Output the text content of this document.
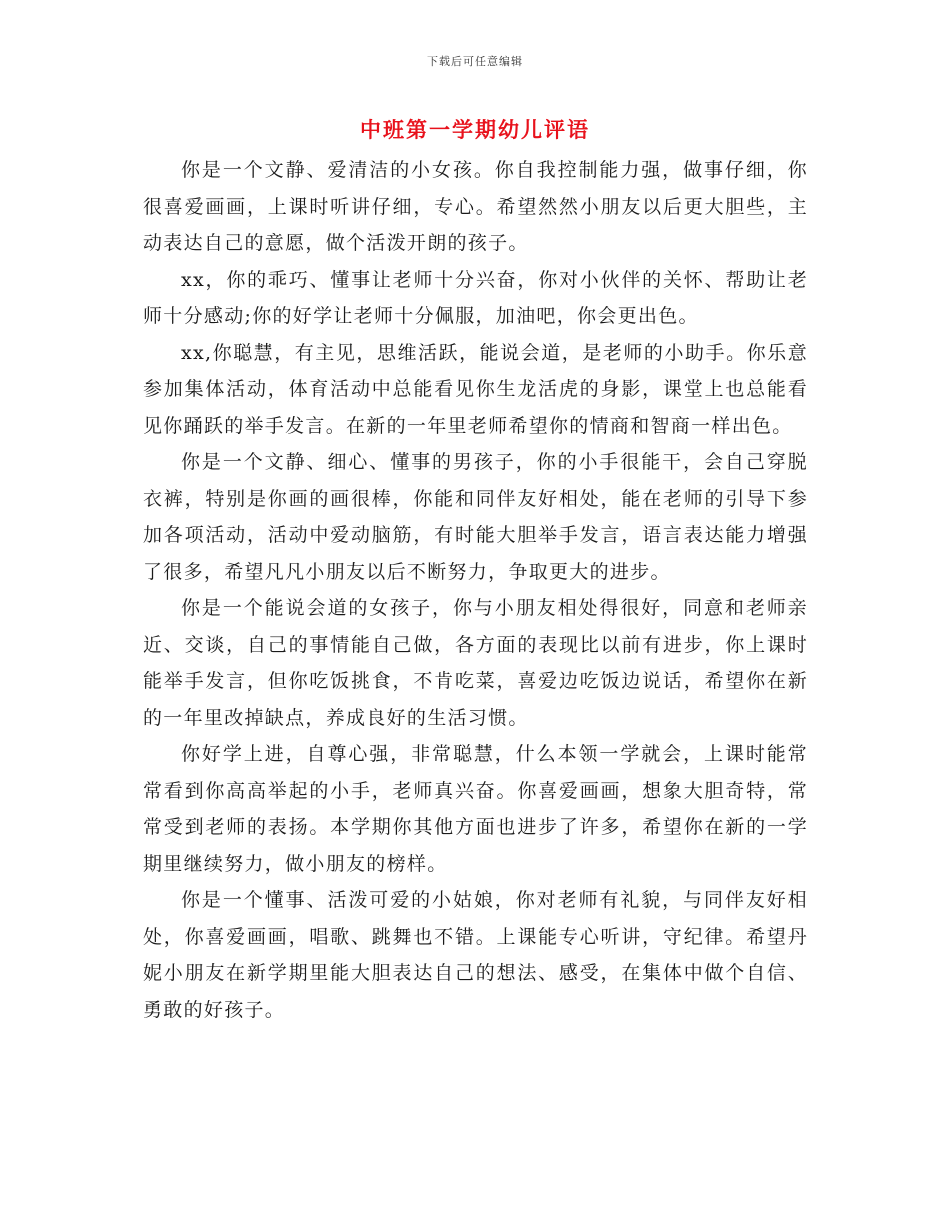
下载后可任意编辑
中班第一学期幼儿评语

你是一个文静、爱清洁的小女孩。你自我控制能力强，做事仔细，你很喜爱画画，上课时听讲仔细，专心。希望然然小朋友以后更大胆些，主动表达自己的意愿，做个活泼开朗的孩子。

xx，你的乖巧、懂事让老师十分兴奋，你对小伙伴的关怀、帮助让老师十分感动;你的好学让老师十分佩服，加油吧，你会更出色。

xx,你聪慧，有主见，思维活跃，能说会道，是老师的小助手。你乐意参加集体活动，体育活动中总能看见你生龙活虎的身影，课堂上也总能看见你踊跃的举手发言。在新的一年里老师希望你的情商和智商一样出色。

你是一个文静、细心、懂事的男孩子，你的小手很能干，会自己穿脱衣裤，特别是你画的画很棒，你能和同伴友好相处，能在老师的引导下参加各项活动，活动中爱动脑筋，有时能大胆举手发言，语言表达能力增强了很多，希望凡凡小朋友以后不断努力，争取更大的进步。

你是一个能说会道的女孩子，你与小朋友相处得很好，同意和老师亲近、交谈，自己的事情能自己做，各方面的表现比以前有进步，你上课时能举手发言，但你吃饭挑食，不肯吃菜，喜爱边吃饭边说话，希望你在新的一年里改掉缺点，养成良好的生活习惯。

你好学上进，自尊心强，非常聪慧，什么本领一学就会，上课时能常常看到你高高举起的小手，老师真兴奋。你喜爱画画，想象大胆奇特，常常受到老师的表扬。本学期你其他方面也进步了许多，希望你在新的一学期里继续努力，做小朋友的榜样。

你是一个懂事、活泼可爱的小姑娘，你对老师有礼貌，与同伴友好相处，你喜爱画画，唱歌、跳舞也不错。上课能专心听讲，守纪律。希望丹妮小朋友在新学期里能大胆表达自己的想法、感受，在集体中做个自信、勇敢的好孩子。
